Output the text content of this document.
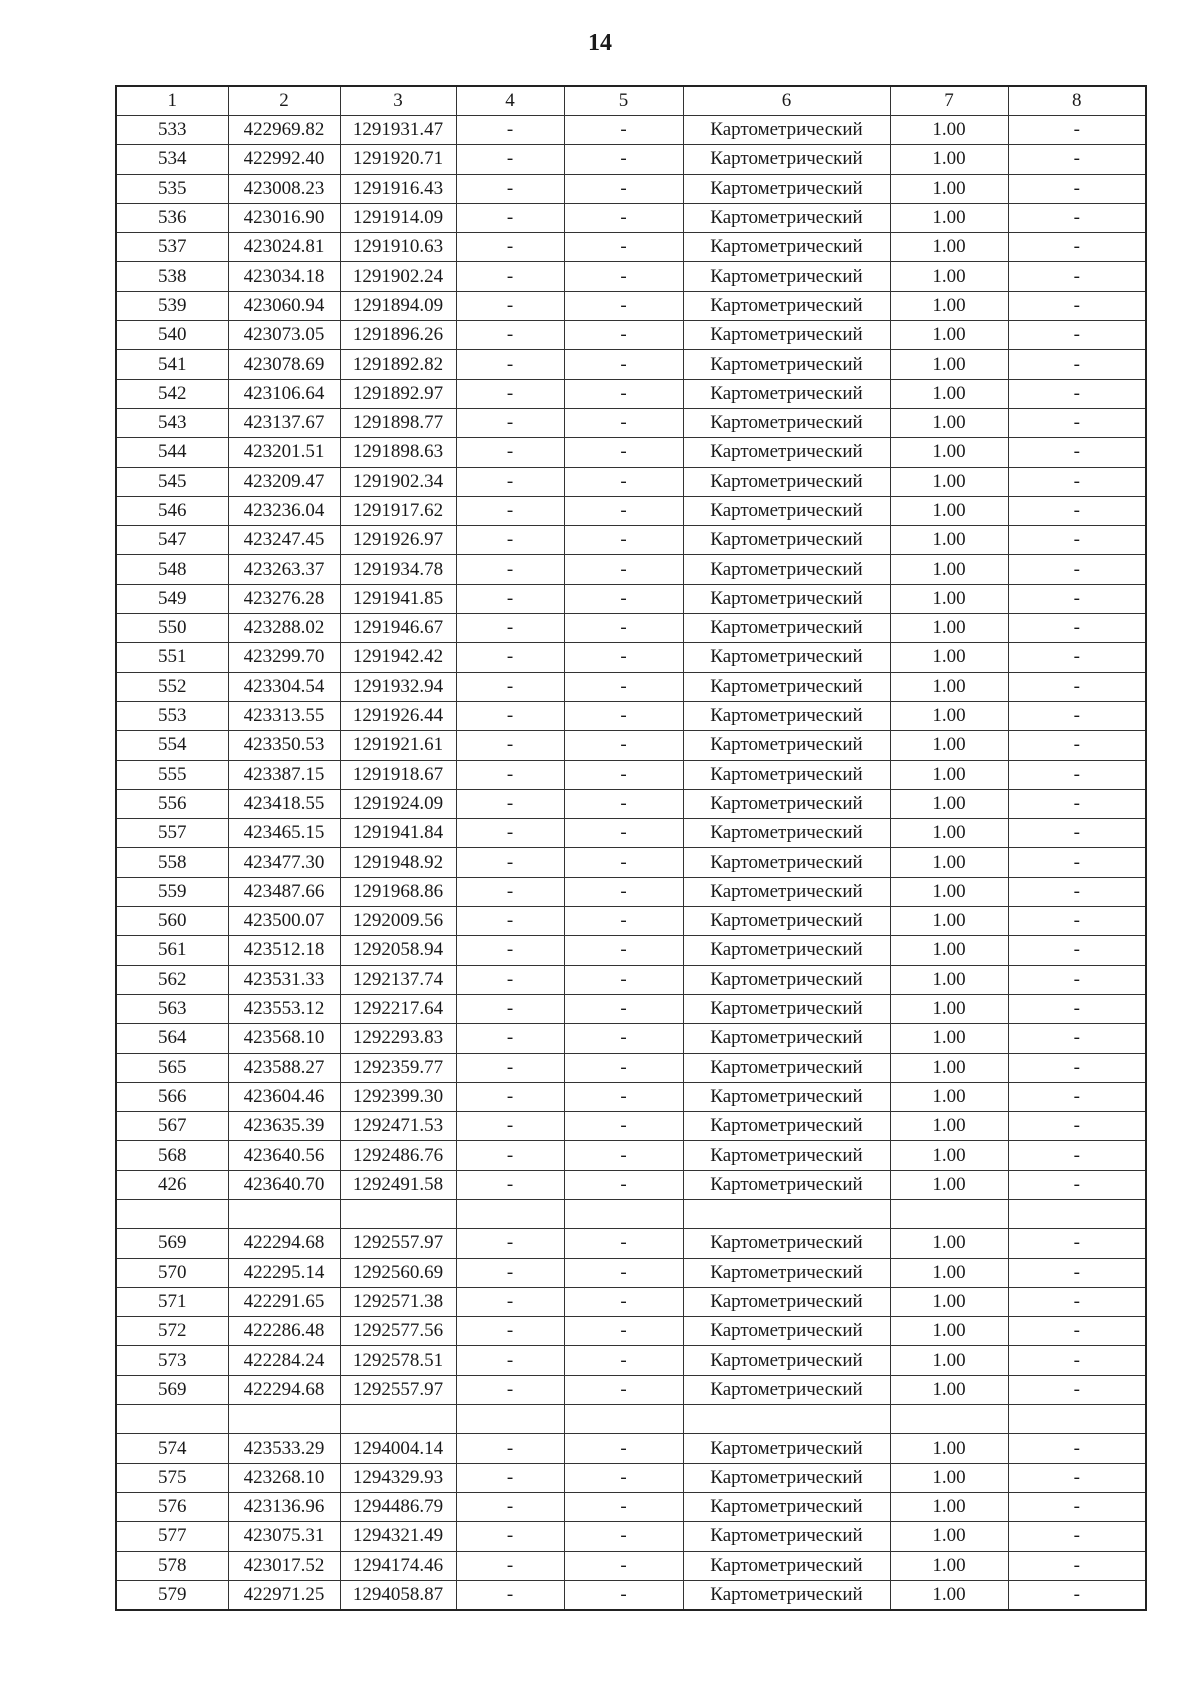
14
1	2	3	4	5	6	7	8
533	422969.82	1291931.47	-	-	Картометрический	1.00	-
534	422992.40	1291920.71	-	-	Картометрический	1.00	-
535	423008.23	1291916.43	-	-	Картометрический	1.00	-
536	423016.90	1291914.09	-	-	Картометрический	1.00	-
537	423024.81	1291910.63	-	-	Картометрический	1.00	-
538	423034.18	1291902.24	-	-	Картометрический	1.00	-
539	423060.94	1291894.09	-	-	Картометрический	1.00	-
540	423073.05	1291896.26	-	-	Картометрический	1.00	-
541	423078.69	1291892.82	-	-	Картометрический	1.00	-
542	423106.64	1291892.97	-	-	Картометрический	1.00	-
543	423137.67	1291898.77	-	-	Картометрический	1.00	-
544	423201.51	1291898.63	-	-	Картометрический	1.00	-
545	423209.47	1291902.34	-	-	Картометрический	1.00	-
546	423236.04	1291917.62	-	-	Картометрический	1.00	-
547	423247.45	1291926.97	-	-	Картометрический	1.00	-
548	423263.37	1291934.78	-	-	Картометрический	1.00	-
549	423276.28	1291941.85	-	-	Картометрический	1.00	-
550	423288.02	1291946.67	-	-	Картометрический	1.00	-
551	423299.70	1291942.42	-	-	Картометрический	1.00	-
552	423304.54	1291932.94	-	-	Картометрический	1.00	-
553	423313.55	1291926.44	-	-	Картометрический	1.00	-
554	423350.53	1291921.61	-	-	Картометрический	1.00	-
555	423387.15	1291918.67	-	-	Картометрический	1.00	-
556	423418.55	1291924.09	-	-	Картометрический	1.00	-
557	423465.15	1291941.84	-	-	Картометрический	1.00	-
558	423477.30	1291948.92	-	-	Картометрический	1.00	-
559	423487.66	1291968.86	-	-	Картометрический	1.00	-
560	423500.07	1292009.56	-	-	Картометрический	1.00	-
561	423512.18	1292058.94	-	-	Картометрический	1.00	-
562	423531.33	1292137.74	-	-	Картометрический	1.00	-
563	423553.12	1292217.64	-	-	Картометрический	1.00	-
564	423568.10	1292293.83	-	-	Картометрический	1.00	-
565	423588.27	1292359.77	-	-	Картометрический	1.00	-
566	423604.46	1292399.30	-	-	Картометрический	1.00	-
567	423635.39	1292471.53	-	-	Картометрический	1.00	-
568	423640.56	1292486.76	-	-	Картометрический	1.00	-
426	423640.70	1292491.58	-	-	Картометрический	1.00	-

569	422294.68	1292557.97	-	-	Картометрический	1.00	-
570	422295.14	1292560.69	-	-	Картометрический	1.00	-
571	422291.65	1292571.38	-	-	Картометрический	1.00	-
572	422286.48	1292577.56	-	-	Картометрический	1.00	-
573	422284.24	1292578.51	-	-	Картометрический	1.00	-
569	422294.68	1292557.97	-	-	Картометрический	1.00	-

574	423533.29	1294004.14	-	-	Картометрический	1.00	-
575	423268.10	1294329.93	-	-	Картометрический	1.00	-
576	423136.96	1294486.79	-	-	Картометрический	1.00	-
577	423075.31	1294321.49	-	-	Картометрический	1.00	-
578	423017.52	1294174.46	-	-	Картометрический	1.00	-
579	422971.25	1294058.87	-	-	Картометрический	1.00	-
